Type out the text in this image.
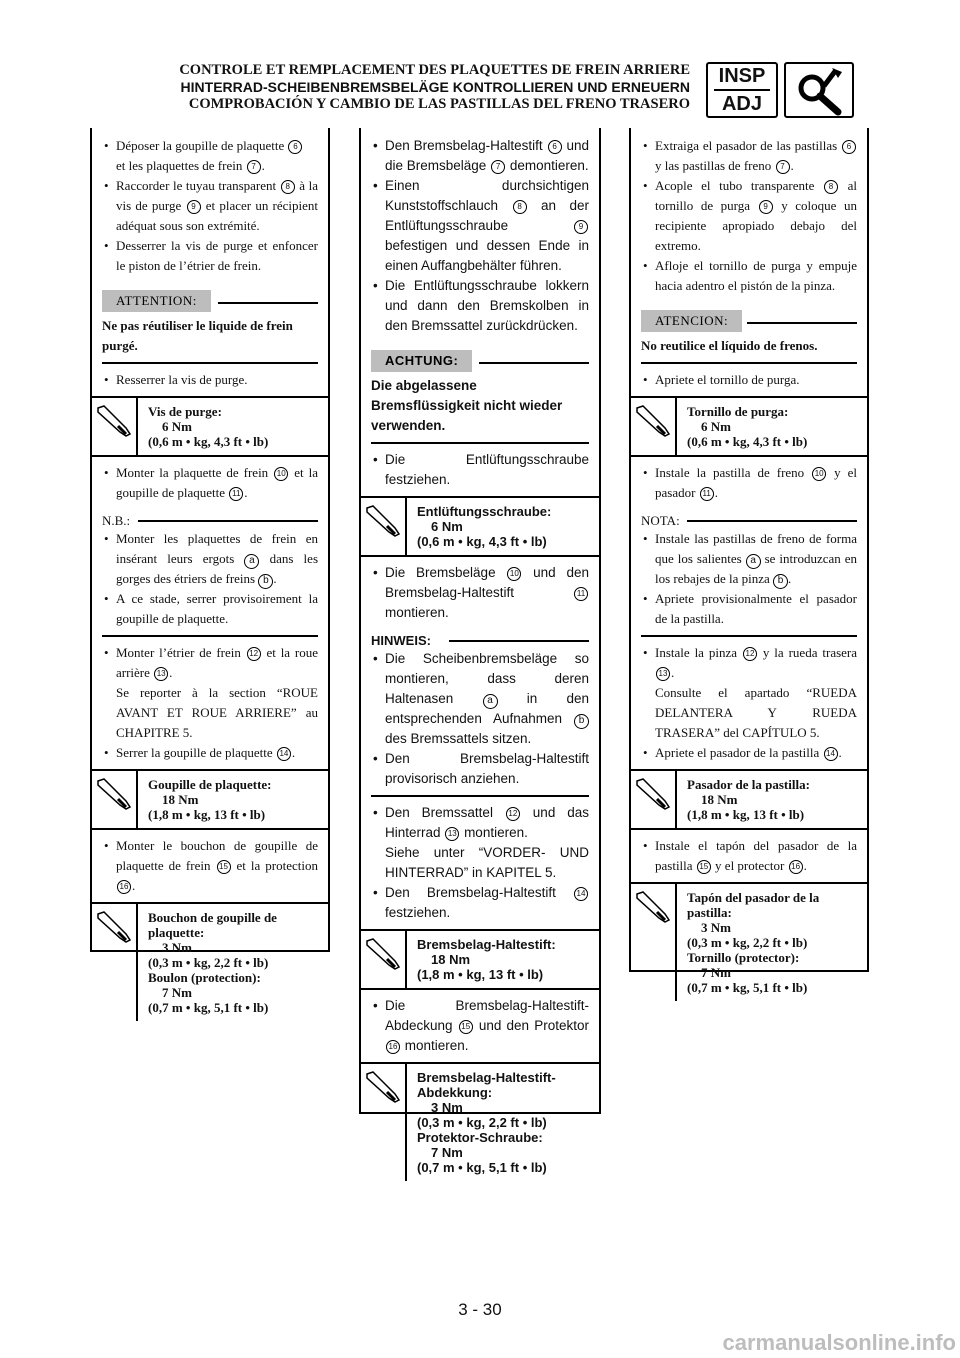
CONTROLE ET REMPLACEMENT DES PLAQUETTES DE FREIN ARRIERE
HINTERRAD-SCHEIBENBREMSBELÄGE KONTROLLIEREN UND ERNEUERN
COMPROBACIÓN Y CAMBIO DE LAS PASTILLAS DEL FRENO TRASERO
INSP
ADJ
• Déposer la goupille de plaquette 6
et les plaquettes de frein 7 .
• Raccorder le tuyau transparent 8 à la vis de purge 9 et placer un récipient adéquat sous son extrémité.
• Desserrer la vis de purge et enfoncer le piston de l’étrier de frein.
ATTENTION:
Ne pas réutiliser le liquide de frein purgé.
• Resserrer la vis de purge.
Vis de purge:
6 Nm
(0,6 m • kg, 4,3 ft • lb)
• Monter la plaquette de frein 10 et la goupille de plaquette 11 .
N.B.:
• Monter les plaquettes de frein en insérant leurs ergots a dans les gorges des étriers de freins b .
• A ce stade, serrer provisoirement la goupille de plaquette.
• Monter l’étrier de frein 12 et la roue arrière 13 .
Se reporter à la section “ROUE AVANT ET ROUE ARRIERE” au CHAPITRE 5.
• Serrer la goupille de plaquette 14 .
Goupille de plaquette:
18 Nm
(1,8 m • kg, 13 ft • lb)
• Monter le bouchon de goupille de plaquette de frein 15 et la protection 16 .
Bouchon de goupille de plaquette:
3 Nm
(0,3 m • kg, 2,2 ft • lb)
Boulon (protection):
7 Nm
(0,7 m • kg, 5,1 ft • lb)
• Den Bremsbelag-Haltestift 6 und die Bremsbeläge 7 demontieren.
• Einen durchsichtigen Kunststoffschlauch 8 an der Entlüftungsschraube	9 befestigen und dessen Ende in einen Auffangbehälter führen.
• Die Entlüftungsschraube lokkern und dann den Bremskolben in den Bremssattel zurückdrücken.
ACHTUNG:
Die abgelassene Bremsflüssigkeit nicht wieder verwenden.
• Die Entlüftungsschraube festziehen.
Entlüftungsschraube:
6 Nm
(0,6 m • kg, 4,3 ft • lb)
• Die Bremsbeläge 10 und den Bremsbelag-Haltestift	11 montieren.
HINWEIS:
• Die Scheibenbremsbeläge so montieren, dass deren Haltenasen	a	in den entsprechenden Aufnahmen b des Bremssattels sitzen.
• Den Bremsbelag-Haltestift provisorisch anziehen.
• Den Bremssattel 12 und das Hinterrad 13 montieren.
Siehe unter “VORDER- UND HINTERRAD” in KAPITEL 5.
• Den Bremsbelag-Haltestift	14 festziehen.
Bremsbelag-Haltestift:
18 Nm
(1,8 m • kg, 13 ft • lb)
• Die Bremsbelag-Haltestift-Abdeckung 15 und den Protektor 16 montieren.
Bremsbelag-Haltestift-Abdekkung:
3 Nm
(0,3 m • kg, 2,2 ft • lb)
Protektor-Schraube:
7 Nm
(0,7 m • kg, 5,1 ft • lb)
• Extraiga el pasador de las pastillas 6 y las pastillas de freno 7 .
• Acople el tubo transparente 8 al tornillo de purga 9 y coloque un recipiente apropiado debajo del extremo.
• Afloje el tornillo de purga y empuje hacia adentro el pistón de la pinza.
ATENCION:
No reutilice el líquido de frenos.
• Apriete el tornillo de purga.
Tornillo de purga:
6 Nm
(0,6 m • kg, 4,3 ft • lb)
• Instale la pastilla de freno 10 y el pasador 11 .
NOTA:
• Instale las pastillas de freno de forma que los salientes a se introduzcan en los rebajes de la pinza b .
• Apriete provisionalmente el pasador de la pastilla.
• Instale la pinza 12 y la rueda trasera 13 .
Consulte el apartado “RUEDA DELANTERA Y RUEDA TRASERA” del CAPÍTULO 5.
• Apriete el pasador de la pastilla 14 .
Pasador de la pastilla:
18 Nm
(1,8 m • kg, 13 ft • lb)
• Instale el tapón del pasador de la pastilla 15 y el protector 16 .
Tapón del pasador de la pastilla:
3 Nm
(0,3 m • kg, 2,2 ft • lb)
Tornillo (protector):
7 Nm
(0,7 m • kg, 5,1 ft • lb)
3 - 30
carmanualsonline.info
